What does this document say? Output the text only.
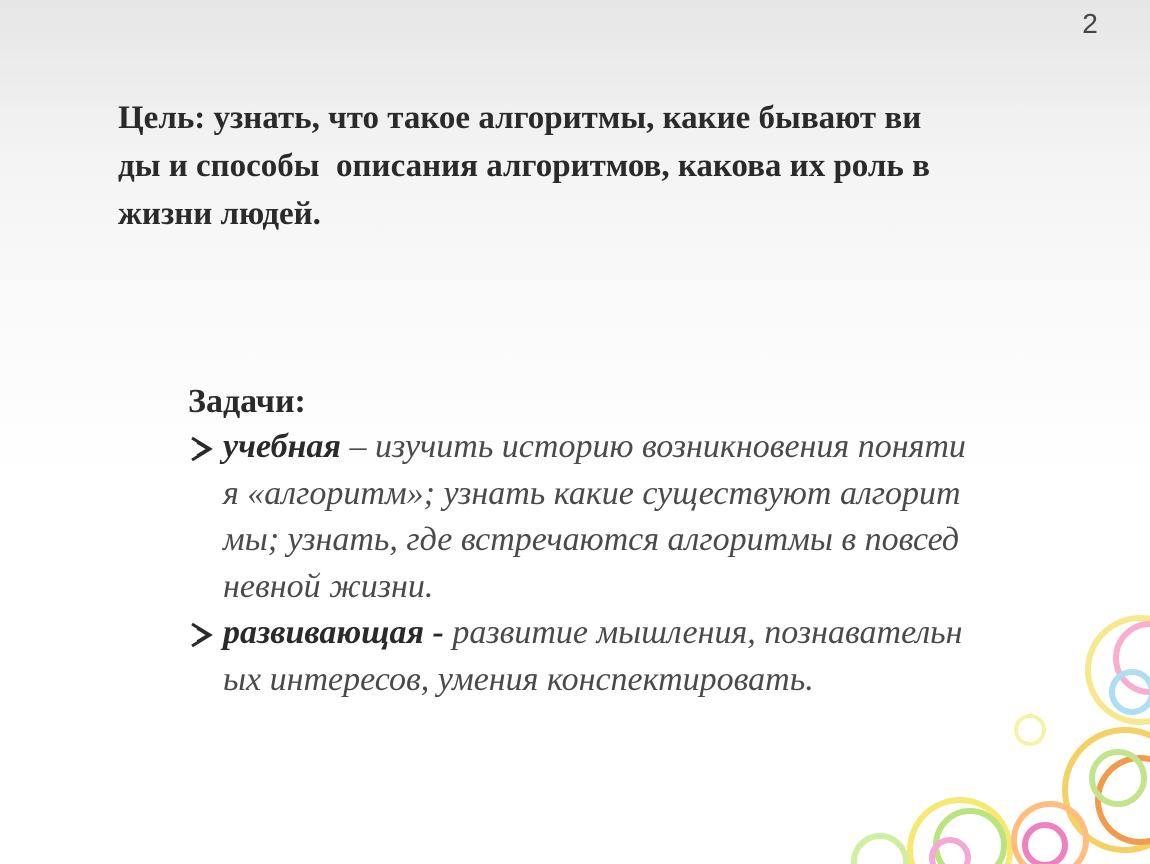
2
Цель: узнать, что такое алгоритмы, какие бывают ви
ды и способы  описания алгоритмов, какова их роль в
жизни людей.
Задачи:
учебная – изучить историю возникновения поняти
я «алгоритм»; узнать какие существуют алгорит
мы; узнать, где встречаются алгоритмы в повсед
невной жизни.
развивающая - развитие мышления, познавательн
ых интересов, умения конспектировать.
